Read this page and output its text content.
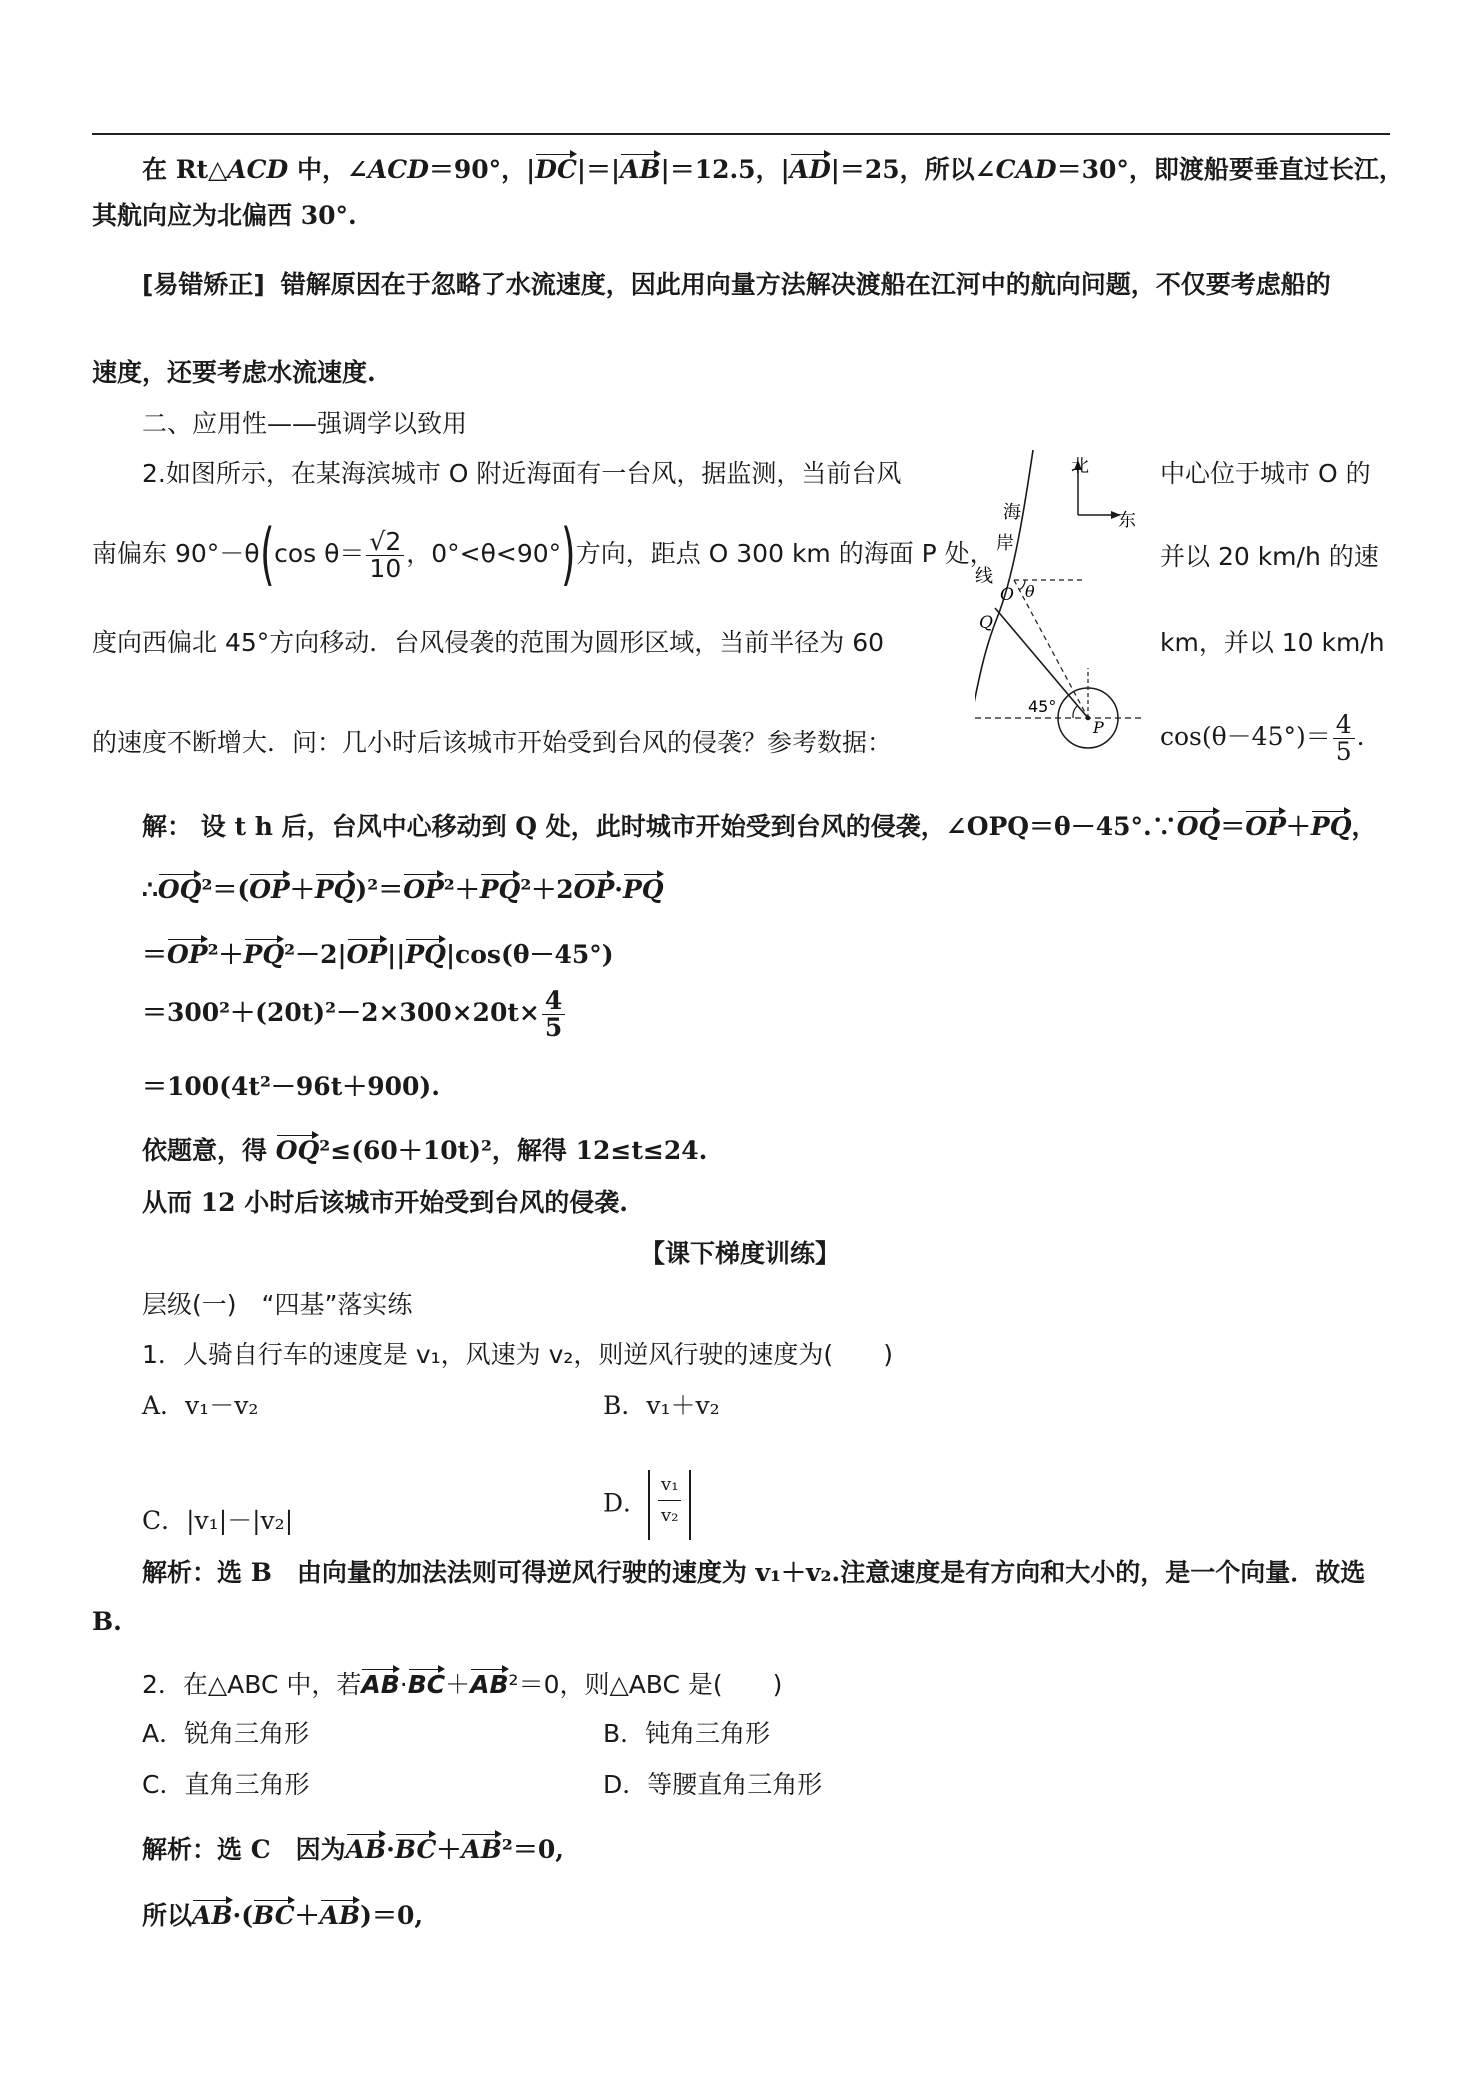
在 Rt△ACD 中，∠ACD＝90°，|DC|＝|AB|＝12.5，|AD|＝25，所以∠CAD＝30°，即渡船要垂直过长江，
其航向应为北偏西 30°.
[易错矫正] 错解原因在于忽略了水流速度，因此用向量方法解决渡船在江河中的航向问题，不仅要考虑船的
速度，还要考虑水流速度.
二、应用性——强调学以致用
2.如图所示，在某海滨城市 O 附近海面有一台风，据监测，当前台风	中心位于城市 O 的
南偏东 90°－θ(cos $\theta= \frac{√2}{10}$ ，0°<θ<90°)方向，距点 O 300 km 的海面 P 处，	并以 20 km/h 的速
度向西偏北 45°方向移动．台风侵袭的范围为圆形区域，当前半径为 60	km，并以 10 km/h
的速度不断增大．问：几小时后该城市开始受到台风的侵袭？参考数据：	$\cos(\theta-45^\circ)= \frac{4}{5}$ .
北
东
海
岸
线
O θ
Q
45°
P
解： 设 t h 后，台风中心移动到 Q 处，此时城市开始受到台风的侵袭，∠OPQ＝θ－45°.∵OQ＝OP＋PQ，
∴OQ²＝(OP＋PQ)²＝OP²＋PQ²＋2OP·PQ
＝OP²＋PQ²－2|OP||PQ|cos(θ－45°)
$=300^2+(20t)^2-2\times 300\times 20t\times \frac{4}{5}$
＝100(4t²－96t＋900).
依题意，得 OQ²≤(60＋10t)²，解得 12≤t≤24.
从而 12 小时后该城市开始受到台风的侵袭.
【课下梯度训练】
层级(一)　“四基”落实练
1．人骑自行车的速度是 v₁，风速为 v₂，则逆风行驶的速度为(　　)
A．v₁－v₂	B．v₁＋v₂
C．|v₁|－|v₂|
D． $\frac{\text{v₁}}{\text{v₂}}$
解析：选 B　由向量的加法法则可得逆风行驶的速度为 v₁＋v₂.注意速度是有方向和大小的，是一个向量．故选
B.
2．在△ABC 中，若AB·BC＋AB²＝0，则△ABC 是(　　)
A．锐角三角形	B．钝角三角形
C．直角三角形	D．等腰直角三角形
解析：选 C　因为AB·BC＋AB²＝0,
所以AB·(BC＋AB)＝0,
